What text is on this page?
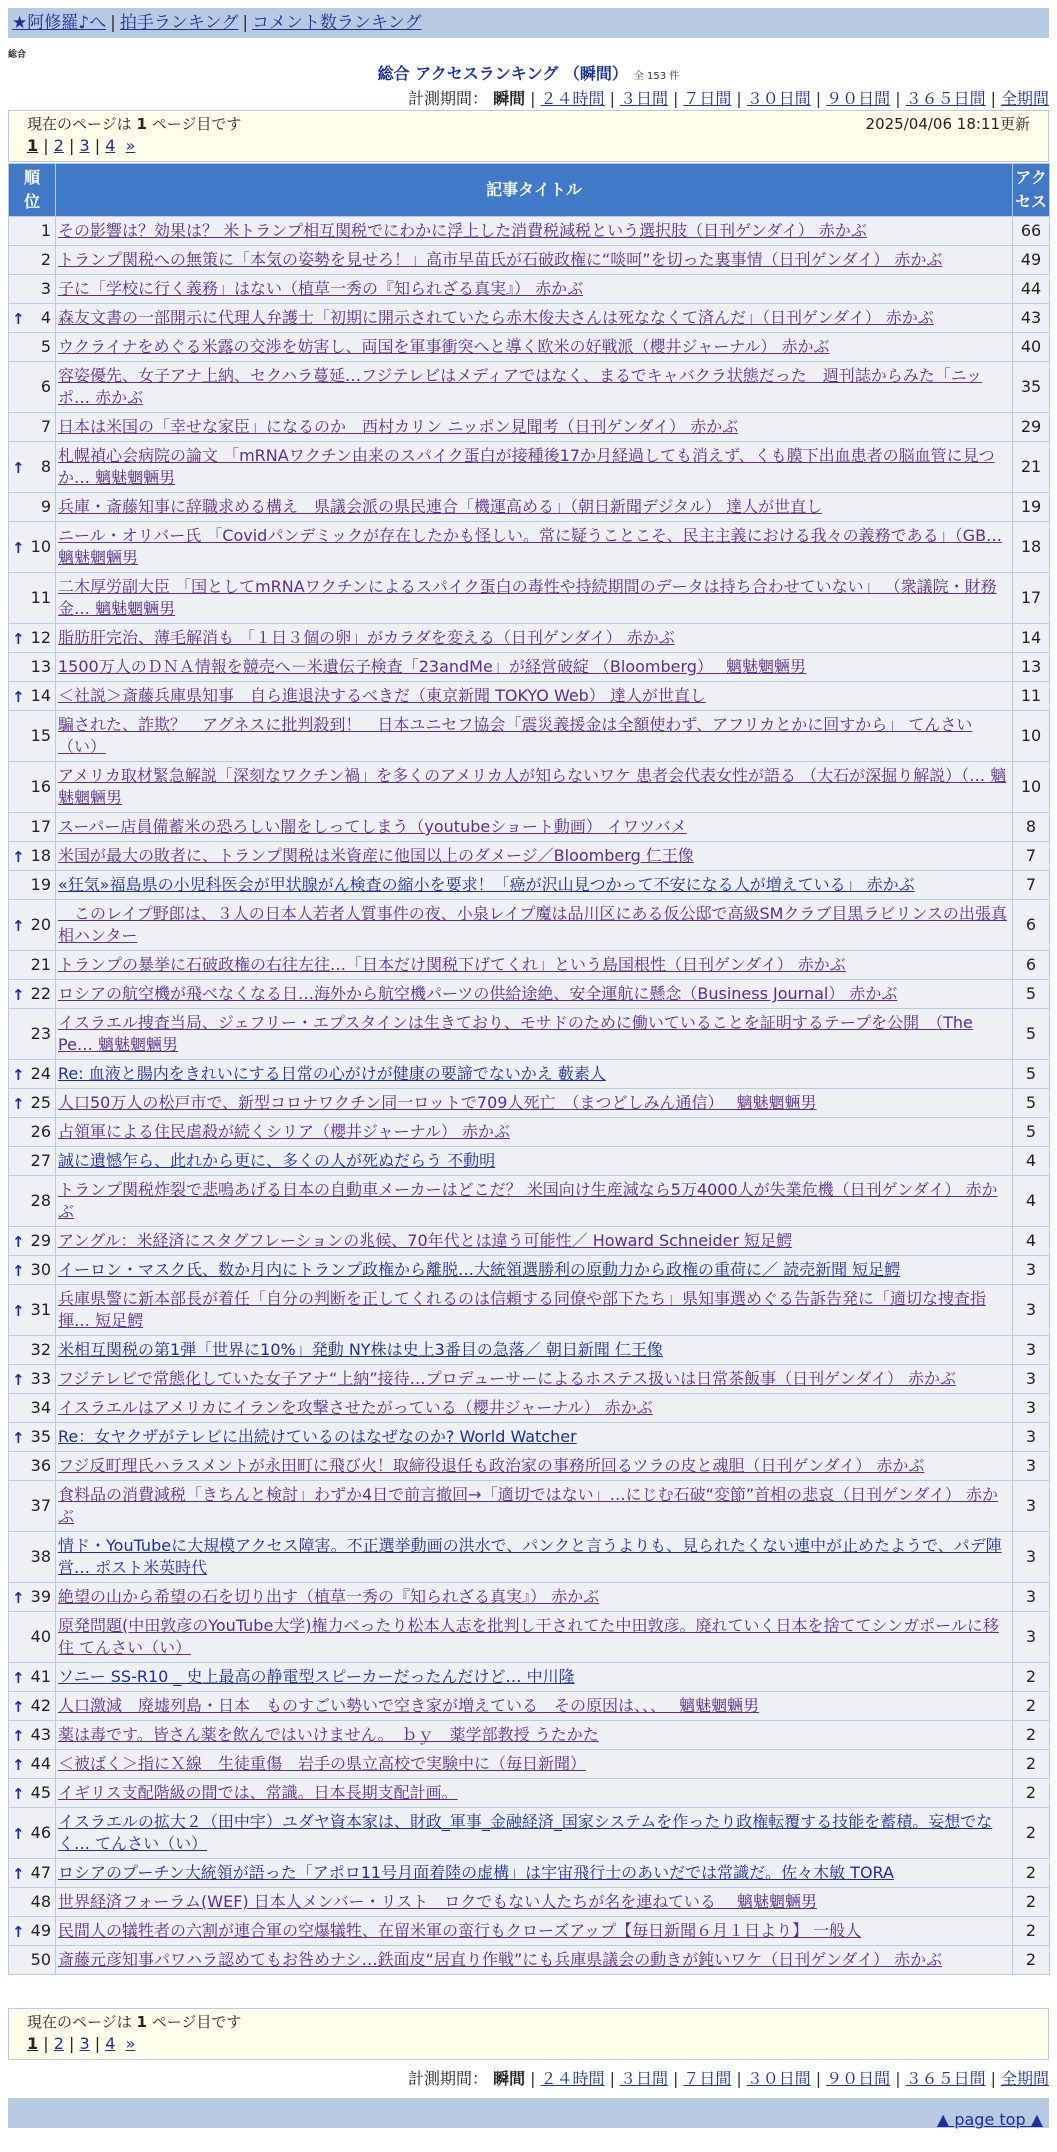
★阿修羅♪へ | 拍手ランキング | コメント数ランキング
総合
総合 アクセスランキング （瞬間） 全 153 件
計測期間： 瞬間 | ２４時間 | ３日間 | ７日間 | ３０日間 | ９０日間 | ３６５日間 | 全期間
現在のページは 1 ページ目です	2025/04/06 18:11更新
1 | 2 | 3 | 4 »
順
位	記事タイトル	アク
セス
1	その影響は？効果は？ 米トランプ相互関税でにわかに浮上した消費税減税という選択肢（日刊ゲンダイ） 赤かぶ	66
2	トランプ関税への無策に「本気の姿勢を見せろ！」高市早苗氏が石破政権に“啖呵”を切った裏事情（日刊ゲンダイ） 赤かぶ	49
3	子に「学校に行く義務」はない（植草一秀の『知られざる真実』） 赤かぶ	44

↑ 4	森友文書の一部開示に代理人弁護士「初期に開示されていたら赤木俊夫さんは死ななくて済んだ」（日刊ゲンダイ） 赤かぶ	43
5	ウクライナをめぐる米露の交渉を妨害し、両国を軍事衝突へと導く欧米の好戦派（櫻井ジャーナル） 赤かぶ	40
6	容姿優先、女子アナ上納、セクハラ蔓延…フジテレビはメディアではなく、まるでキャバクラ状態だった　週刊誌からみた「ニッポ… 赤かぶ	35
7	日本は米国の「幸せな家臣」になるのか　西村カリン ニッポン見聞考（日刊ゲンダイ） 赤かぶ	29

↑ 8	札幌禎心会病院の論文 「mRNAワクチン由来のスパイク蛋白が接種後17か月経過しても消えず、くも膜下出血患者の脳血管に見つか… 魑魅魍魎男	21
9	兵庫・斎藤知事に辞職求める構え　県議会派の県民連合「機運高める」（朝日新聞デジタル） 達人が世直し	19

↑ 10	ニール・オリバー氏 「Covidパンデミックが存在したかも怪しい。常に疑うことこそ、民主主義における我々の義務である」（GB… 魑魅魍魎男	18
11	二木厚労副大臣 「国としてmRNAワクチンによるスパイク蛋白の毒性や持続期間のデータは持ち合わせていない」 （衆議院・財務金… 魑魅魍魎男	17

↑ 12	脂肪肝完治、薄毛解消も 「１日３個の卵」がカラダを変える（日刊ゲンダイ） 赤かぶ	14
13	1500万人のＤＮＡ情報を競売へ－米遺伝子検査「23andMe」が経営破綻 （Bloomberg）　 魑魅魍魎男	13

↑ 14	＜社説＞斎藤兵庫県知事　自ら進退決するべきだ（東京新聞 TOKYO Web） 達人が世直し	11
15	騙された、詐欺？　アグネスに批判殺到！　日本ユニセフ協会「震災義援金は全額使わず、アフリカとかに回すから」 てんさい（い）	10
16	アメリカ取材緊急解説「深刻なワクチン禍」を多くのアメリカ人が知らないワケ 患者会代表女性が語る （大石が深掘り解説）（… 魑魅魍魎男	10
17	スーパー店員備蓄米の恐ろしい闇をしってしまう（youtubeショート動画） イワツバメ	8

↑ 18	米国が最大の敗者に、トランプ関税は米資産に他国以上のダメージ／Bloomberg 仁王像	7
19	«狂気»福島県の小児科医会が甲状腺がん検査の縮小を要求！「癌が沢山見つかって不安になる人が増えている」 赤かぶ	7

↑ 20	　このレイプ野郎は、３人の日本人若者人質事件の夜、小泉レイプ魔は品川区にある仮公邸で高級SMクラブ目黒ラビリンスの出張真相ハンター	6
21	トランプの暴挙に石破政権の右往左往…「日本だけ関税下げてくれ」という島国根性（日刊ゲンダイ） 赤かぶ	6

↑ 22	ロシアの航空機が飛べなくなる日…海外から航空機パーツの供給途絶、安全運航に懸念（Business Journal） 赤かぶ	5
23	イスラエル捜査当局、ジェフリー・エプスタインは生きており、モサドのために働いていることを証明するテープを公開　（The Pe… 魑魅魍魎男	5

↑ 24	Re: 血液と腸内をきれいにする日常の心がけが健康の要諦でないかえ 藪素人	5

↑ 25	人口50万人の松戸市で、新型コロナワクチン同一ロットで709人死亡　（まつどしみん通信）　 魑魅魍魎男	5
26	占領軍による住民虐殺が続くシリア（櫻井ジャーナル） 赤かぶ	5
27	誠に遺憾乍ら、此れから更に、多くの人が死ぬだらう 不動明	4
28	トランプ関税炸裂で悲鳴あげる日本の自動車メーカーはどこだ？ 米国向け生産減なら5万4000人が失業危機（日刊ゲンダイ） 赤かぶ	4

↑ 29	アングル：米経済にスタグフレーションの兆候、70年代とは違う可能性／ Howard Schneider 短足鰐	4

↑ 30	イーロン・マスク氏、数か月内にトランプ政権から離脱…大統領選勝利の原動力から政権の重荷に／ 読売新聞 短足鰐	3

↑ 31	兵庫県警に新本部長が着任「自分の判断を正してくれるのは信頼する同僚や部下たち」県知事選めぐる告訴告発に「適切な捜査指揮… 短足鰐	3
32	米相互関税の第1弾「世界に10%」発動 NY株は史上3番目の急落／ 朝日新聞 仁王像	3

↑ 33	フジテレビで常態化していた女子アナ“上納”接待…プロデューサーによるホステス扱いは日常茶飯事（日刊ゲンダイ） 赤かぶ	3
34	イスラエルはアメリカにイランを攻撃させたがっている（櫻井ジャーナル） 赤かぶ	3

↑ 35	Re：女ヤクザがテレビに出続けているのはなぜなのか? World Watcher	3
36	フジ反町理氏ハラスメントが永田町に飛び火！取締役退任も政治家の事務所回るツラの皮と魂胆（日刊ゲンダイ） 赤かぶ	3
37	食料品の消費減税「きちんと検討」わずか4日で前言撤回→「適切ではない」…にじむ石破“変節”首相の悲哀（日刊ゲンダイ） 赤かぶ	3
38	情ド・YouTubeに大規模アクセス障害。不正選挙動画の洪水で、パンクと言うよりも、見られたくない連中が止めたようで、パデ陣営… ポスト米英時代	3

↑ 39	絶望の山から希望の石を切り出す（植草一秀の『知られざる真実』） 赤かぶ	3
40	原発問題(中田敦彦のYouTube大学)権力べったり松本人志を批判し干されてた中田敦彦。廃れていく日本を捨ててシンガポールに移住 てんさい（い）	3

↑ 41	ソニー SS-R10 _ 史上最高の静電型スピーカーだったんだけど… 中川隆	2

↑ 42	人口激減　廃墟列島・日本　ものすごい勢いで空き家が増えている　その原因は、、、　 魑魅魍魎男	2

↑ 43	薬は毒です。皆さん薬を飲んではいけません。　ｂｙ　薬学部教授 うたかた	2

↑ 44	＜被ばく＞指にＸ線　生徒重傷　岩手の県立高校で実験中に（毎日新聞）	2

↑ 45	イギリス支配階級の間では、常識。日本長期支配計画。	2

↑ 46	イスラエルの拡大２（田中宇）ユダヤ資本家は、財政_軍事_金融経済_国家システムを作ったり政権転覆する技能を蓄積。妄想でなく… てんさい（い）	2

↑ 47	ロシアのプーチン大統領が語った「アポロ11号月面着陸の虚構」は宇宙飛行士のあいだでは常識だ。佐々木敏 TORA	2
48	世界経済フォーラム(WEF) 日本人メンバー・リスト　ロクでもない人たちが名を連ねている　 魑魅魍魎男	2

↑ 49	民間人の犠牲者の六割が連合軍の空爆犠牲、在留米軍の蛮行もクローズアップ【毎日新聞６月１日より】 一般人	2
50	斎藤元彦知事パワハラ認めてもお咎めナシ…鉄面皮“居直り作戦”にも兵庫県議会の動きが鈍いワケ（日刊ゲンダイ） 赤かぶ	2
現在のページは 1 ページ目です
1 | 2 | 3 | 4 »
計測期間： 瞬間 | ２４時間 | ３日間 | ７日間 | ３０日間 | ９０日間 | ３６５日間 | 全期間
▲ page top ▲
